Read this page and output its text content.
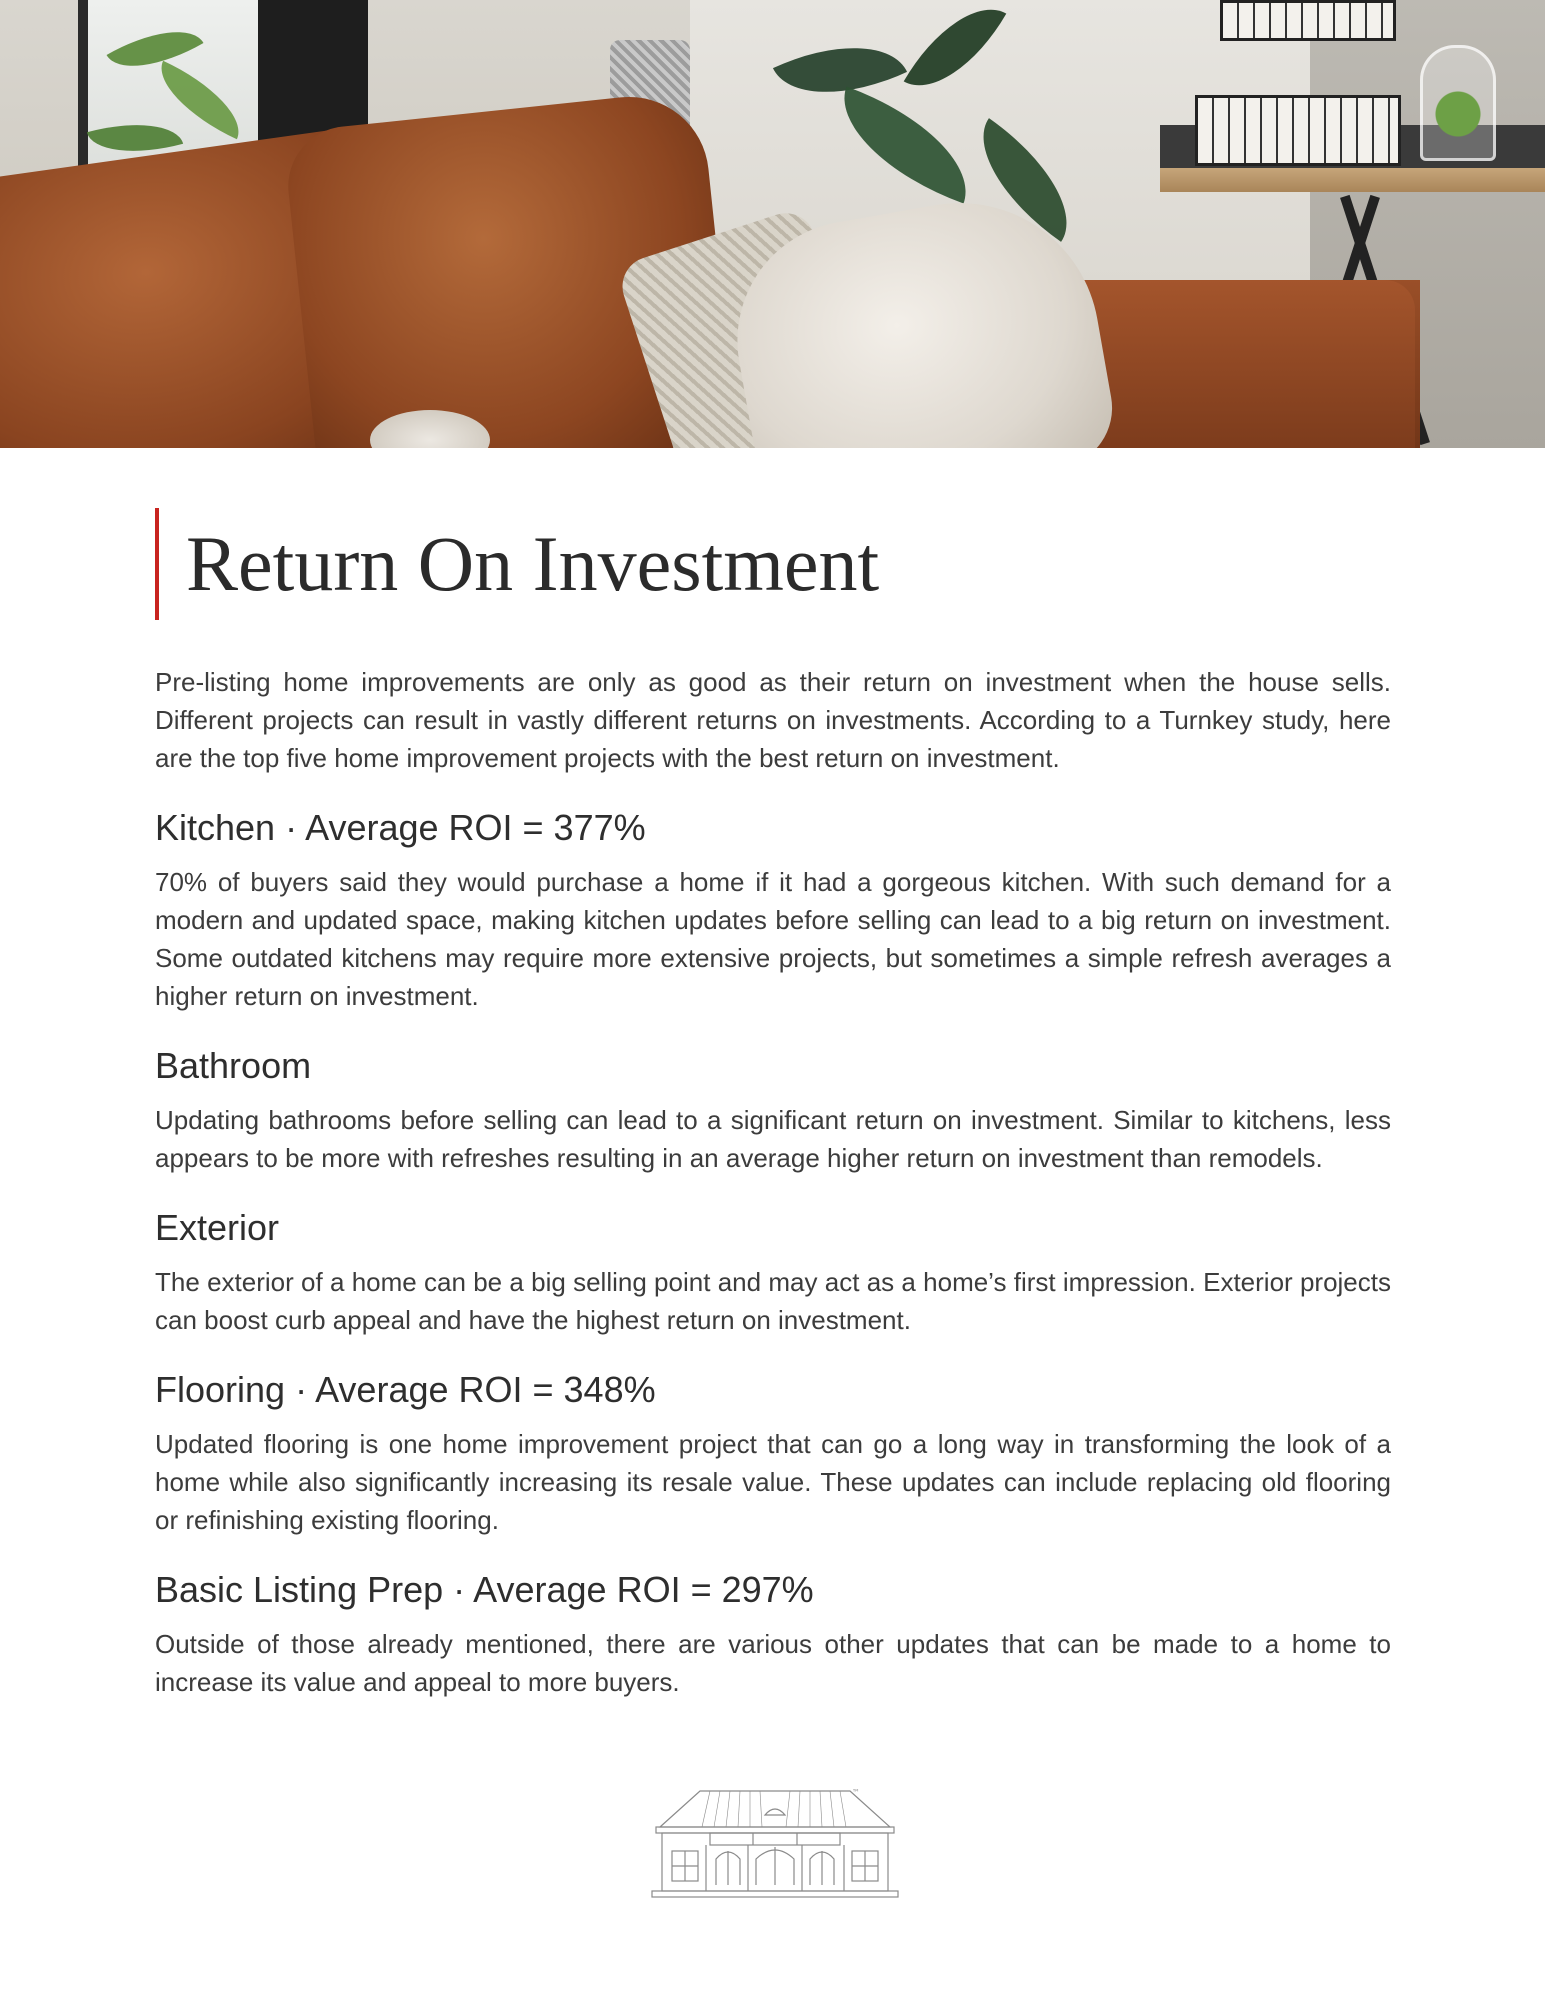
Return On Investment

Pre-listing home improvements are only as good as their return on investment when the house sells. Different projects can result in vastly different returns on investments. According to a Turnkey study, here are the top five home improvement projects with the best return on investment.

Kitchen · Average ROI = 377%

70% of buyers said they would purchase a home if it had a gorgeous kitchen. With such demand for a modern and updated space, making kitchen updates before selling can lead to a big return on investment. Some outdated kitchens may require more extensive projects, but sometimes a simple refresh averages a higher return on investment.

Bathroom

Updating bathrooms before selling can lead to a significant return on investment. Similar to kitchens, less appears to be more with refreshes resulting in an average higher return on investment than remodels.

Exterior

The exterior of a home can be a big selling point and may act as a home’s first impression. Exterior projects can boost curb appeal and have the highest return on investment.

Flooring · Average ROI = 348%

Updated flooring is one home improvement project that can go a long way in transforming the look of a home while also significantly increasing its resale value. These updates can include replacing old flooring or refinishing existing flooring.

Basic Listing Prep · Average ROI = 297%

Outside of those already mentioned, there are various other updates that can be made to a home to increase its value and appeal to more buyers.

™
